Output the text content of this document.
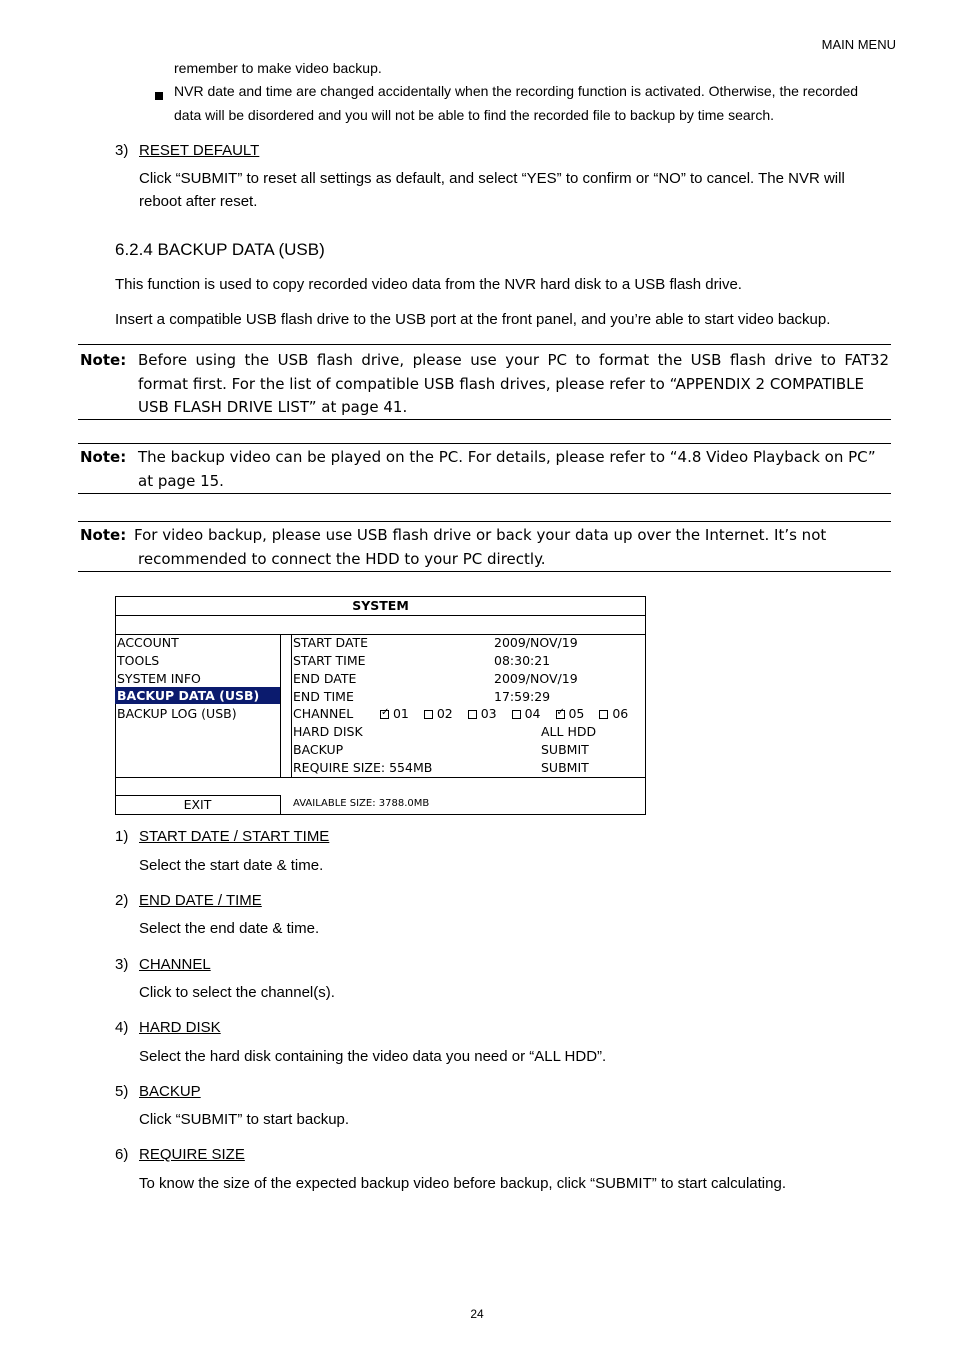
MAIN MENU
remember to make video backup.
NVR date and time are changed accidentally when the recording function is activated. Otherwise, the recorded
data will be disordered and you will not be able to find the recorded file to backup by time search.
3) RESET DEFAULT
Click “SUBMIT” to reset all settings as default, and select “YES” to confirm or “NO” to cancel. The NVR will
reboot after reset.
6.2.4 BACKUP DATA (USB)
This function is used to copy recorded video data from the NVR hard disk to a USB flash drive.
Insert a compatible USB flash drive to the USB port at the front panel, and you’re able to start video backup.
Note: Before using the USB flash drive, please use your PC to format the USB flash drive to FAT32
format first. For the list of compatible USB flash drives, please refer to “APPENDIX 2 COMPATIBLE
USB FLASH DRIVE LIST” at page 41.
Note: The backup video can be played on the PC. For details, please refer to “4.8 Video Playback on PC”
at page 15.
Note: For video backup, please use USB flash drive or back your data up over the Internet. It’s not
recommended to connect the HDD to your PC directly.
SYSTEM
ACCOUNT
TOOLS
SYSTEM INFO
BACKUP DATA (USB)
BACKUP LOG (USB)
START DATE	2009/NOV/19
START TIME	08:30:21
END DATE	2009/NOV/19
END TIME	17:59:29
CHANNEL ✓	01 02 03 04 ✓ 05 06
HARD DISK	ALL HDD
BACKUP	SUBMIT
REQUIRE SIZE: 554MB	SUBMIT
EXIT	AVAILABLE SIZE: 3788.0MB
1) START DATE / START TIME
Select the start date & time.
2) END DATE / TIME
Select the end date & time.
3) CHANNEL
Click to select the channel(s).
4) HARD DISK
Select the hard disk containing the video data you need or “ALL HDD”.
5) BACKUP
Click “SUBMIT” to start backup.
6) REQUIRE SIZE
To know the size of the expected backup video before backup, click “SUBMIT” to start calculating.
24
